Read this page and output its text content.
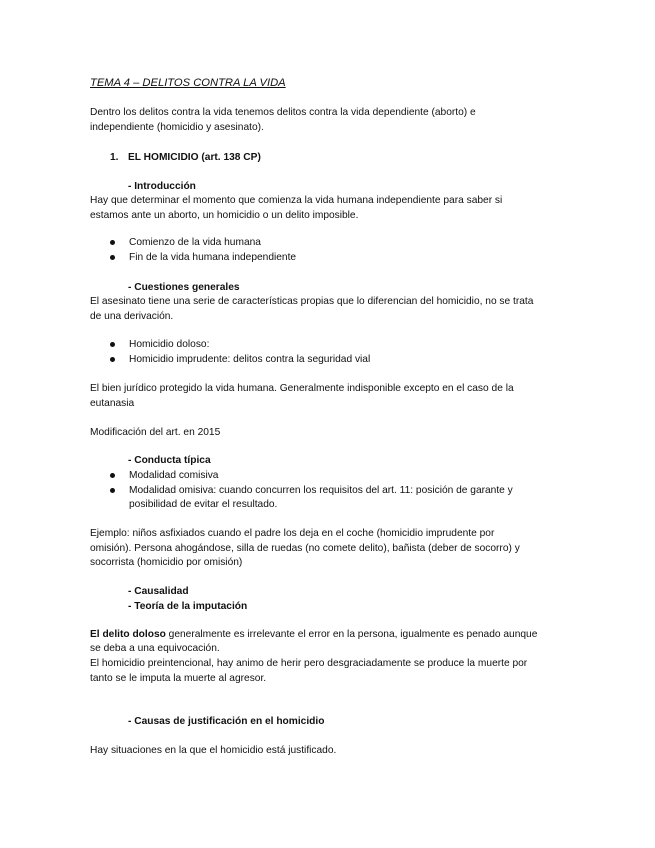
TEMA 4 – DELITOS CONTRA LA VIDA
Dentro los delitos contra la vida tenemos delitos contra la vida dependiente (aborto) e
independiente (homicidio y asesinato).
1. EL HOMICIDIO (art. 138 CP)
- Introducción
Hay que determinar el momento que comienza la vida humana independiente para saber si
estamos ante un aborto, un homicidio o un delito imposible.
Comienzo de la vida humana
Fin de la vida humana independiente
- Cuestiones generales
El asesinato tiene una serie de características propias que lo diferencian del homicidio, no se trata
de una derivación.
Homicidio doloso:
Homicidio imprudente: delitos contra la seguridad vial
El bien jurídico protegido la vida humana. Generalmente indisponible excepto en el caso de la
eutanasia
Modificación del art. en 2015
- Conducta típica
Modalidad comisiva
Modalidad omisiva: cuando concurren los requisitos del art. 11: posición de garante y
posibilidad de evitar el resultado.
Ejemplo: niños asfixiados cuando el padre los deja en el coche (homicidio imprudente por
omisión). Persona ahogándose, silla de ruedas (no comete delito), bañista (deber de socorro) y
socorrista (homicidio por omisión)
- Causalidad
- Teoría de la imputación
El delito doloso generalmente es irrelevante el error en la persona, igualmente es penado aunque
se deba a una equivocación.
El homicidio preintencional, hay animo de herir pero desgraciadamente se produce la muerte por
tanto se le imputa la muerte al agresor.
- Causas de justificación en el homicidio
Hay situaciones en la que el homicidio está justificado.
